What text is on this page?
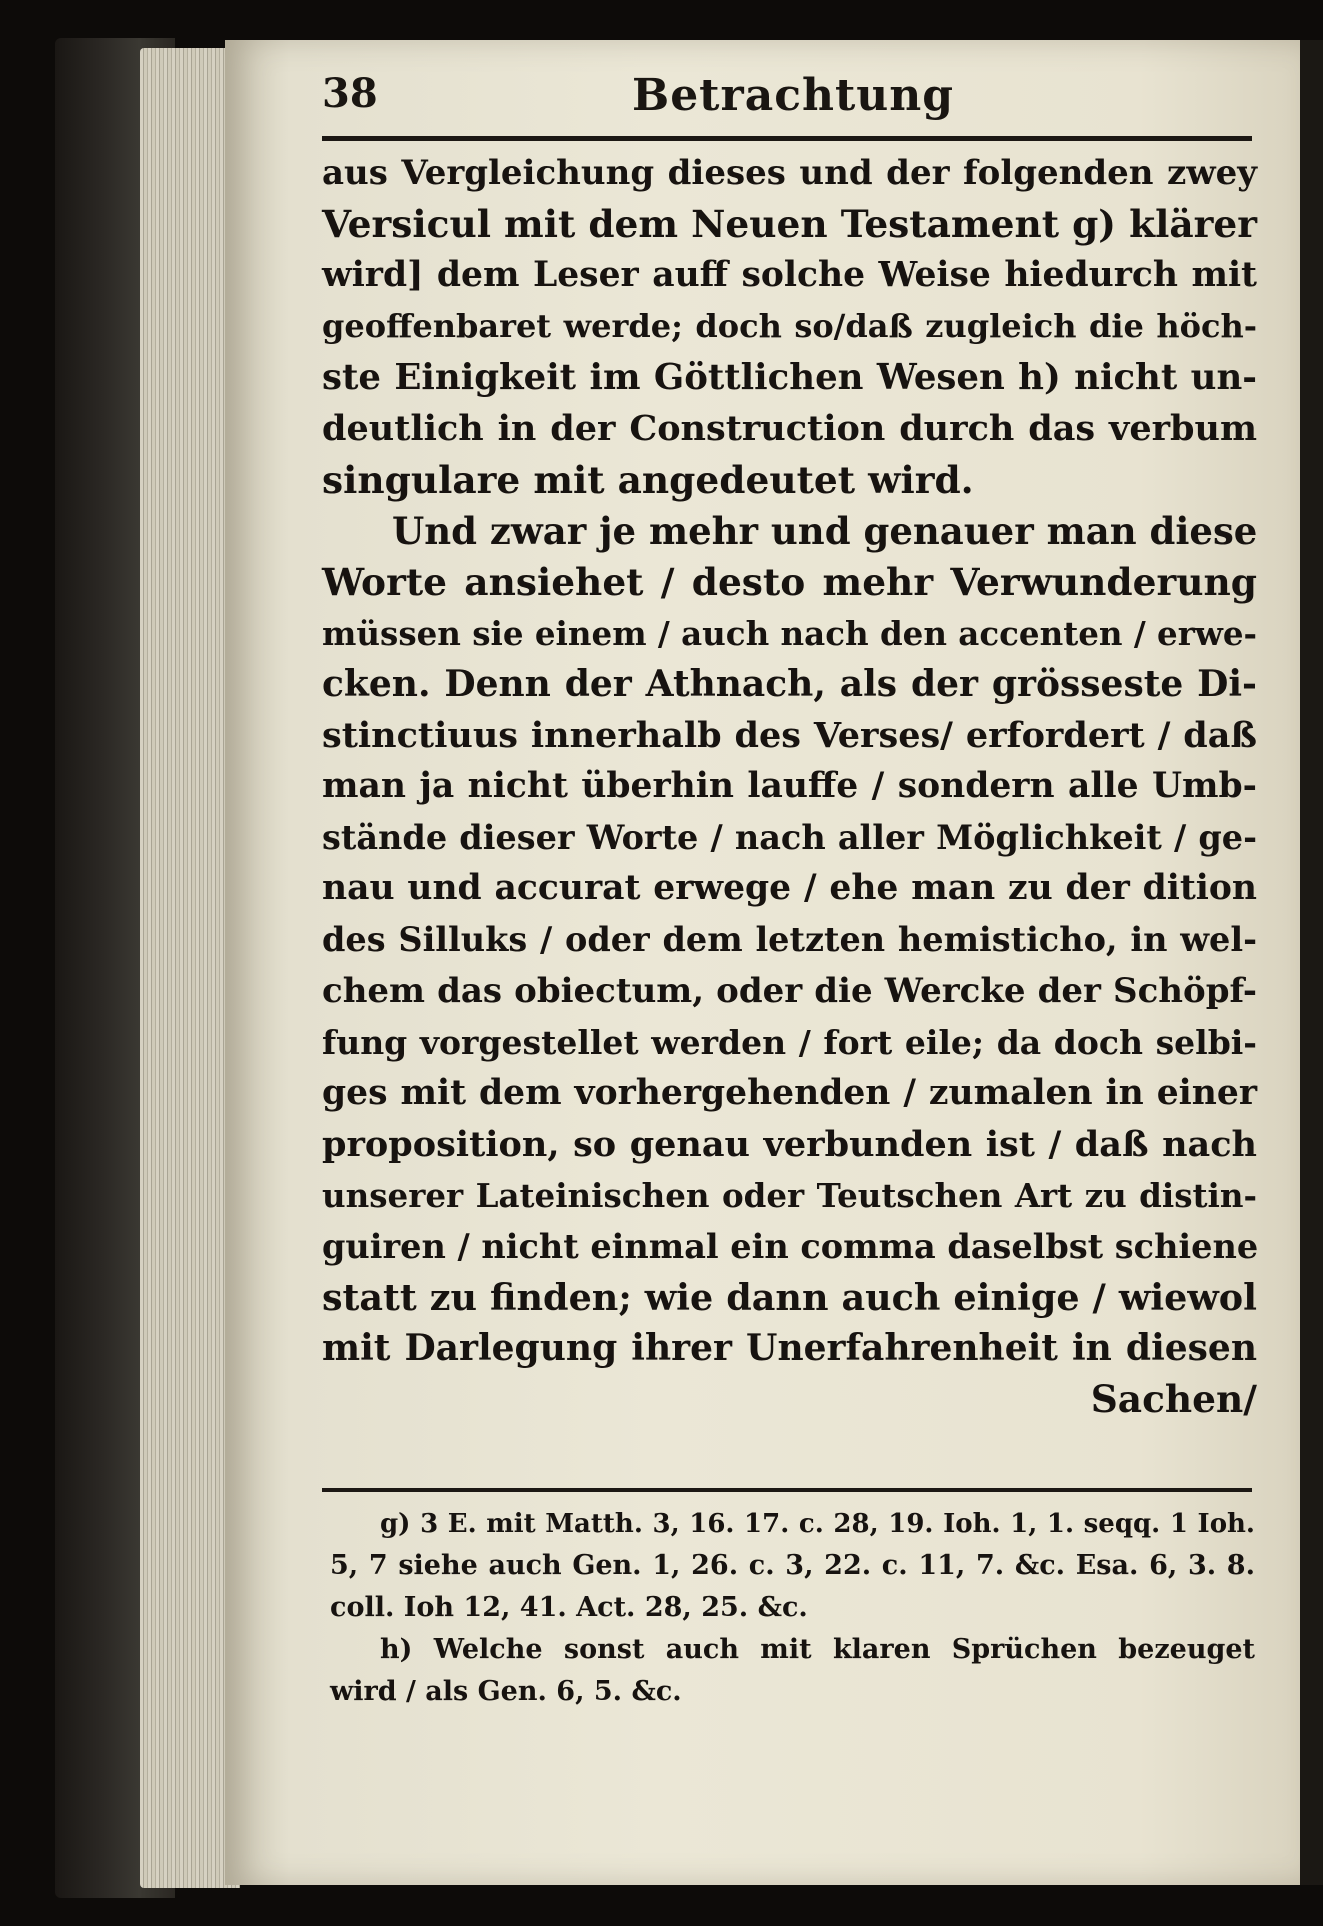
38	Betrachtung
aus Vergleichung dieses und der folgenden zwey
Versicul mit dem Neuen Testament g) klärer
wird] dem Leser auff solche Weise hiedurch mit
geoffenbaret werde; doch so/daß zugleich die höch-
ste Einigkeit im Göttlichen Wesen h) nicht un-
deutlich in der Construction durch das verbum
singulare mit angedeutet wird.
Und zwar je mehr und genauer man diese
Worte ansiehet / desto mehr Verwunderung
müssen sie einem / auch nach den accenten / erwe-
cken. Denn der Athnach, als der grösseste Di-
stinctiuus innerhalb des Verses/ erfordert / daß
man ja nicht überhin lauffe / sondern alle Umb-
stände dieser Worte / nach aller Möglichkeit / ge-
nau und accurat erwege / ehe man zu der dition
des Silluks / oder dem letzten hemisticho, in wel-
chem das obiectum, oder die Wercke der Schöpf-
fung vorgestellet werden / fort eile; da doch selbi-
ges mit dem vorhergehenden / zumalen in einer
proposition, so genau verbunden ist / daß nach
unserer Lateinischen oder Teutschen Art zu distin-
guiren / nicht einmal ein comma daselbst schiene
statt zu finden; wie dann auch einige / wiewol
mit Darlegung ihrer Unerfahrenheit in diesen
Sachen/
g) 3 E. mit Matth. 3, 16. 17. c. 28, 19. Ioh. 1, 1. seqq. 1 Ioh.
5, 7 siehe auch Gen. 1, 26. c. 3, 22. c. 11, 7. &c. Esa. 6, 3. 8.
coll. Ioh 12, 41. Act. 28, 25. &c.
h) Welche sonst auch mit klaren Sprüchen bezeuget
wird / als Gen. 6, 5. &c.
